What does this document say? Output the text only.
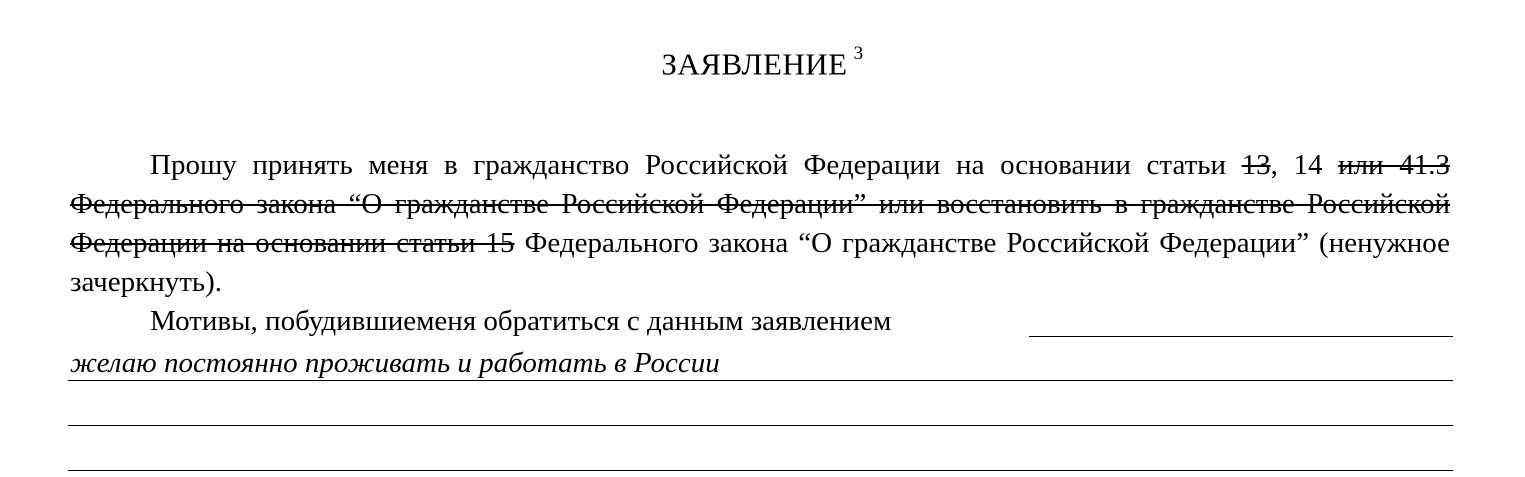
ЗАЯВЛЕНИЕ $^3$
Прошу принять меня в гражданство Российской Федерации на основании статьи 13, 14 или 41.3 Федерального закона “О гражданстве Российской Федерации” или восстановить в гражданстве Российской Федерации на основании статьи 15 Федерального закона “О гражданстве Российской Федерации” (ненужное зачеркнуть).
Мотивы, побудившиеменя обратиться с данным заявлением
желаю постоянно проживать и работать в России
